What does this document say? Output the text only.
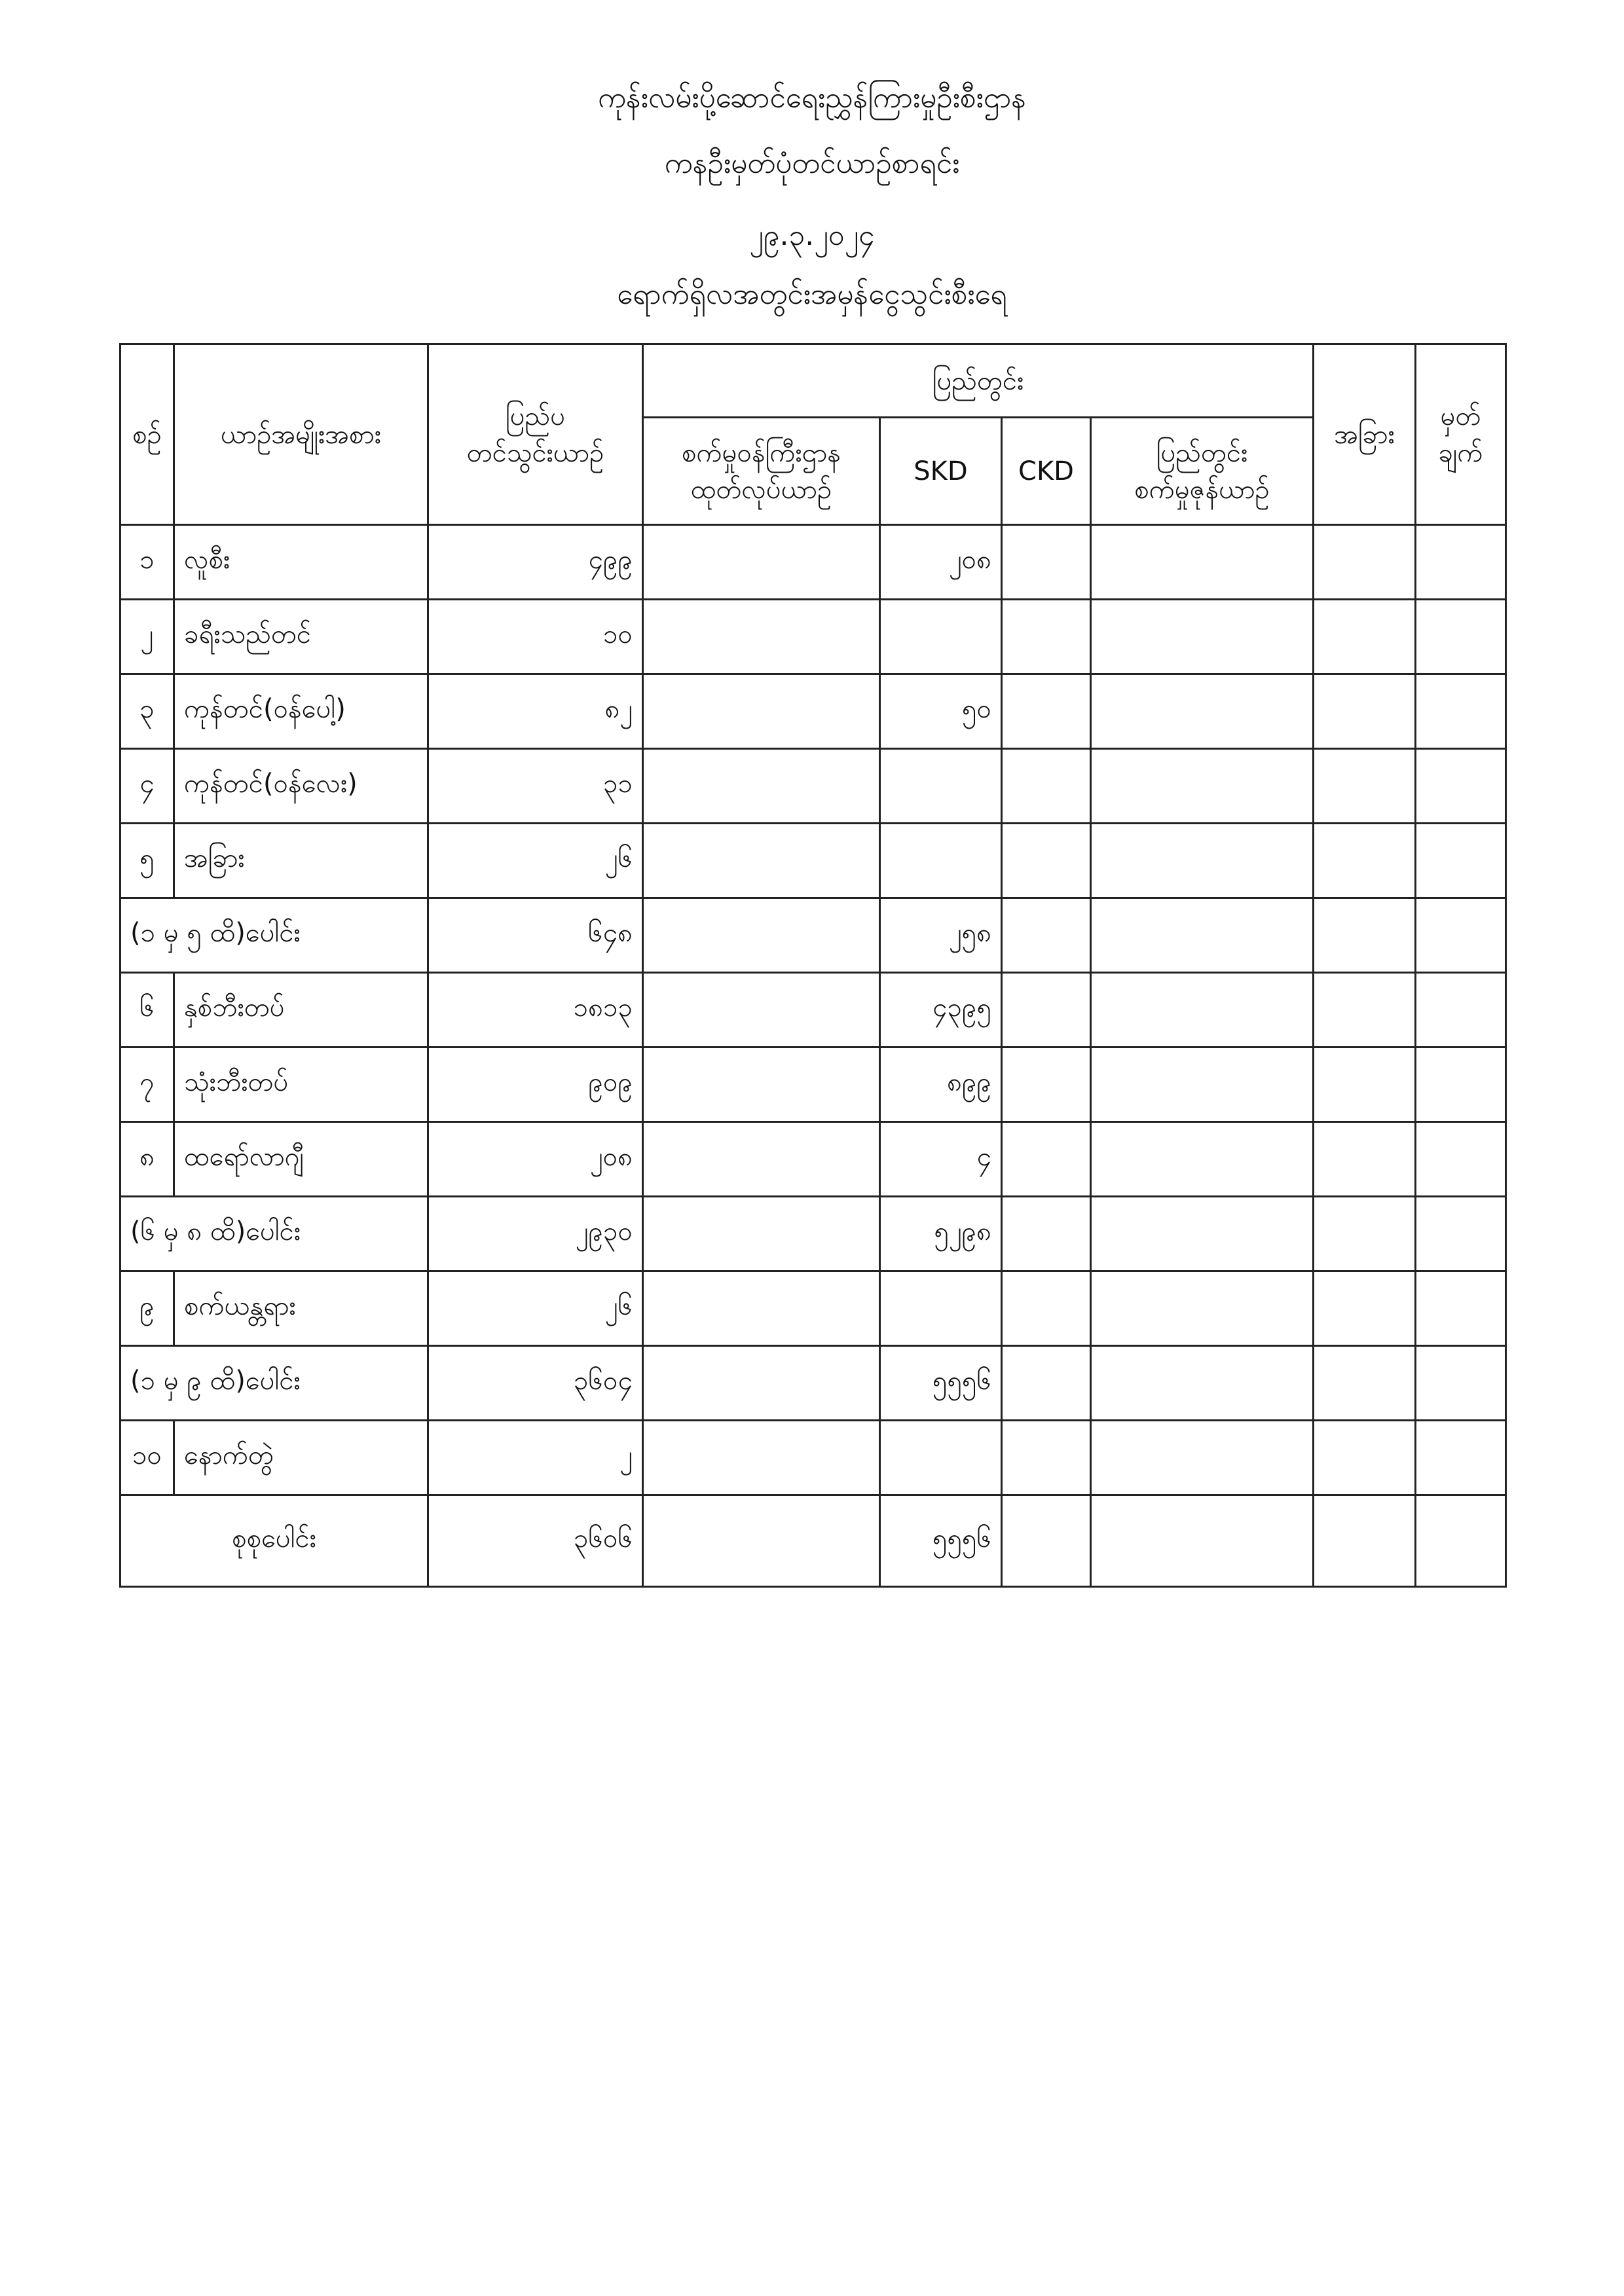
ကုန်းလမ်းပို့ဆောင်ရေးညွှန်ကြားမှုဦးစီးဌာန
ကနဦးမှတ်ပုံတင်ယာဉ်စာရင်း
၂၉.၃.၂၀၂၄
ရောက်ရှိလအတွင်းအမှန်ငွေသွင်းစီးရေ
စဉ်	ယာဉ်အမျိုးအစား	ပြည်ပ
တင်သွင်းယာဉ်	ပြည်တွင်း				အခြား	မှတ်
ချက်
			စက်မှုဝန်ကြီးဌာန
ထုတ်လုပ်ယာဉ်	SKD	CKD	ပြည်တွင်း
စက်မှုဇုန်ယာဉ်		
၁	လူစီး	၄၉၉		၂၀၈				
၂	ခရီးသည်တင်	၁၀						
၃	ကုန်တင်(ဝန်ပေါ့)	၈၂		၅၀				
၄	ကုန်တင်(ဝန်လေး)	၃၁						
၅	အခြား	၂၆						
(၁ မှ ၅ ထိ)ပေါင်း		၆၄၈		၂၅၈				
၆	နှစ်ဘီးတပ်	၁၈၁၃		၄၃၉၅				
၇	သုံးဘီးတပ်	၉၀၉		၈၉၉				
၈	ထရော်လာဂျီ	၂၀၈		၄				
(၆ မှ ၈ ထိ)ပေါင်း		၂၉၃၀		၅၂၉၈				
၉	စက်ယန္တရား	၂၆						
(၁ မှ ၉ ထိ)ပေါင်း		၃၆၀၄		၅၅၅၆				
၁၀	နောက်တွဲ	၂						
စုစုပေါင်း		၃၆၀၆		၅၅၅၆				
